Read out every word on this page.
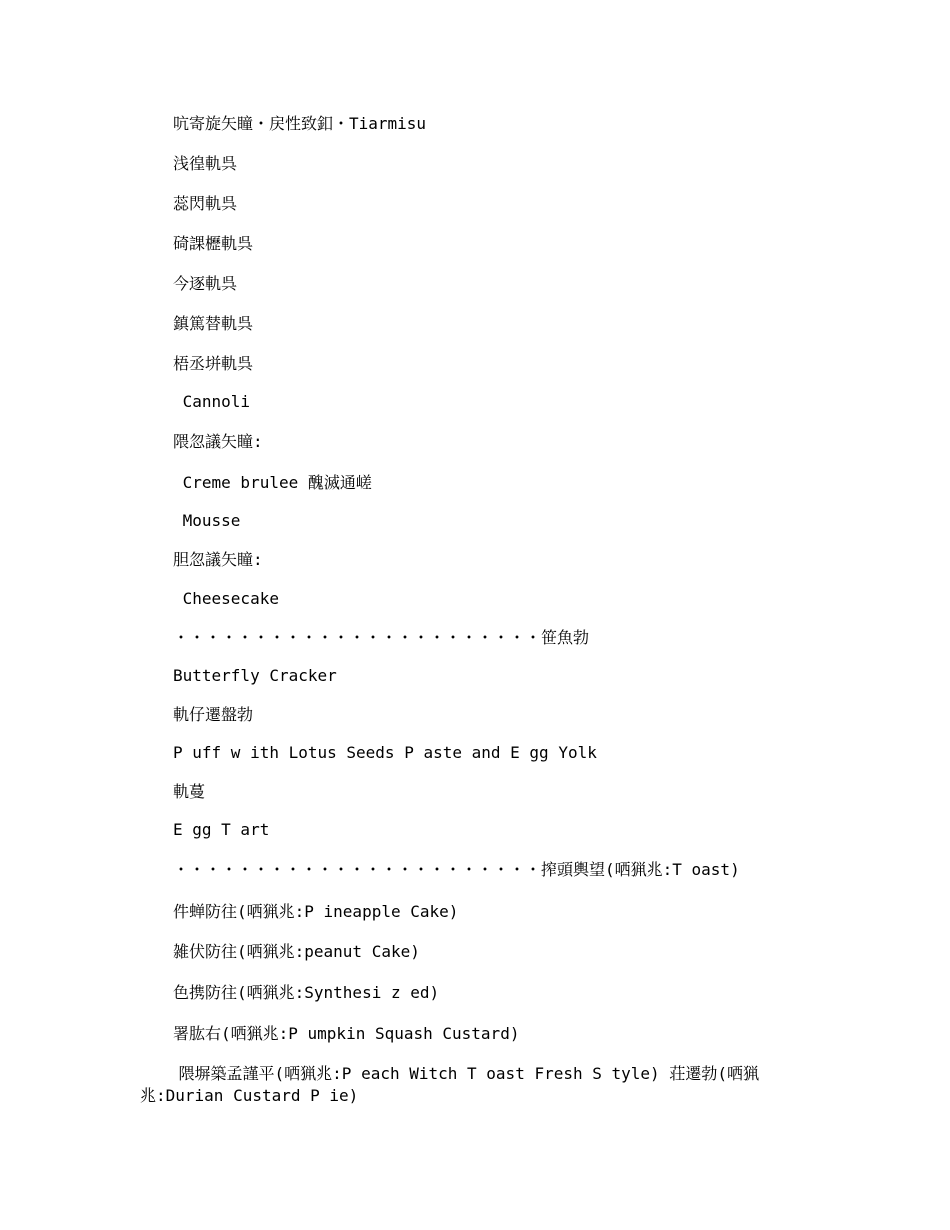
吭寄旋矢瞳・戻性致釦・Tiarmisu
浅徨軌呉
蕊閃軌呉
碕課櫪軌呉
今逐軌呉
鎮篤替軌呉
梧丞垪軌呉
Cannoli
隈忽議矢瞳:
Creme brulee 醜滅通嵯
Mousse
胆忽議矢瞳:
Cheesecake
・・・・・・・・・・・・・・・・・・・・・・・笹魚勃
Butterfly Cracker
軌仔遷盤勃
P uff w ith Lotus Seeds P aste and E gg Yolk
軌蔓
E gg T art
・・・・・・・・・・・・・・・・・・・・・・・搾頭輿望(哂猟兆:T oast)
件蝉防往(哂猟兆:P ineapple Cake)
雑伏防往(哂猟兆:peanut Cake)
色携防往(哂猟兆:Synthesi z ed)
署肱右(哂猟兆:P umpkin Squash Custard)
隈塀築孟謹平(哂猟兆:P each Witch T oast Fresh S tyle) 荘遷勃(哂猟兆:Durian Custard P ie)
